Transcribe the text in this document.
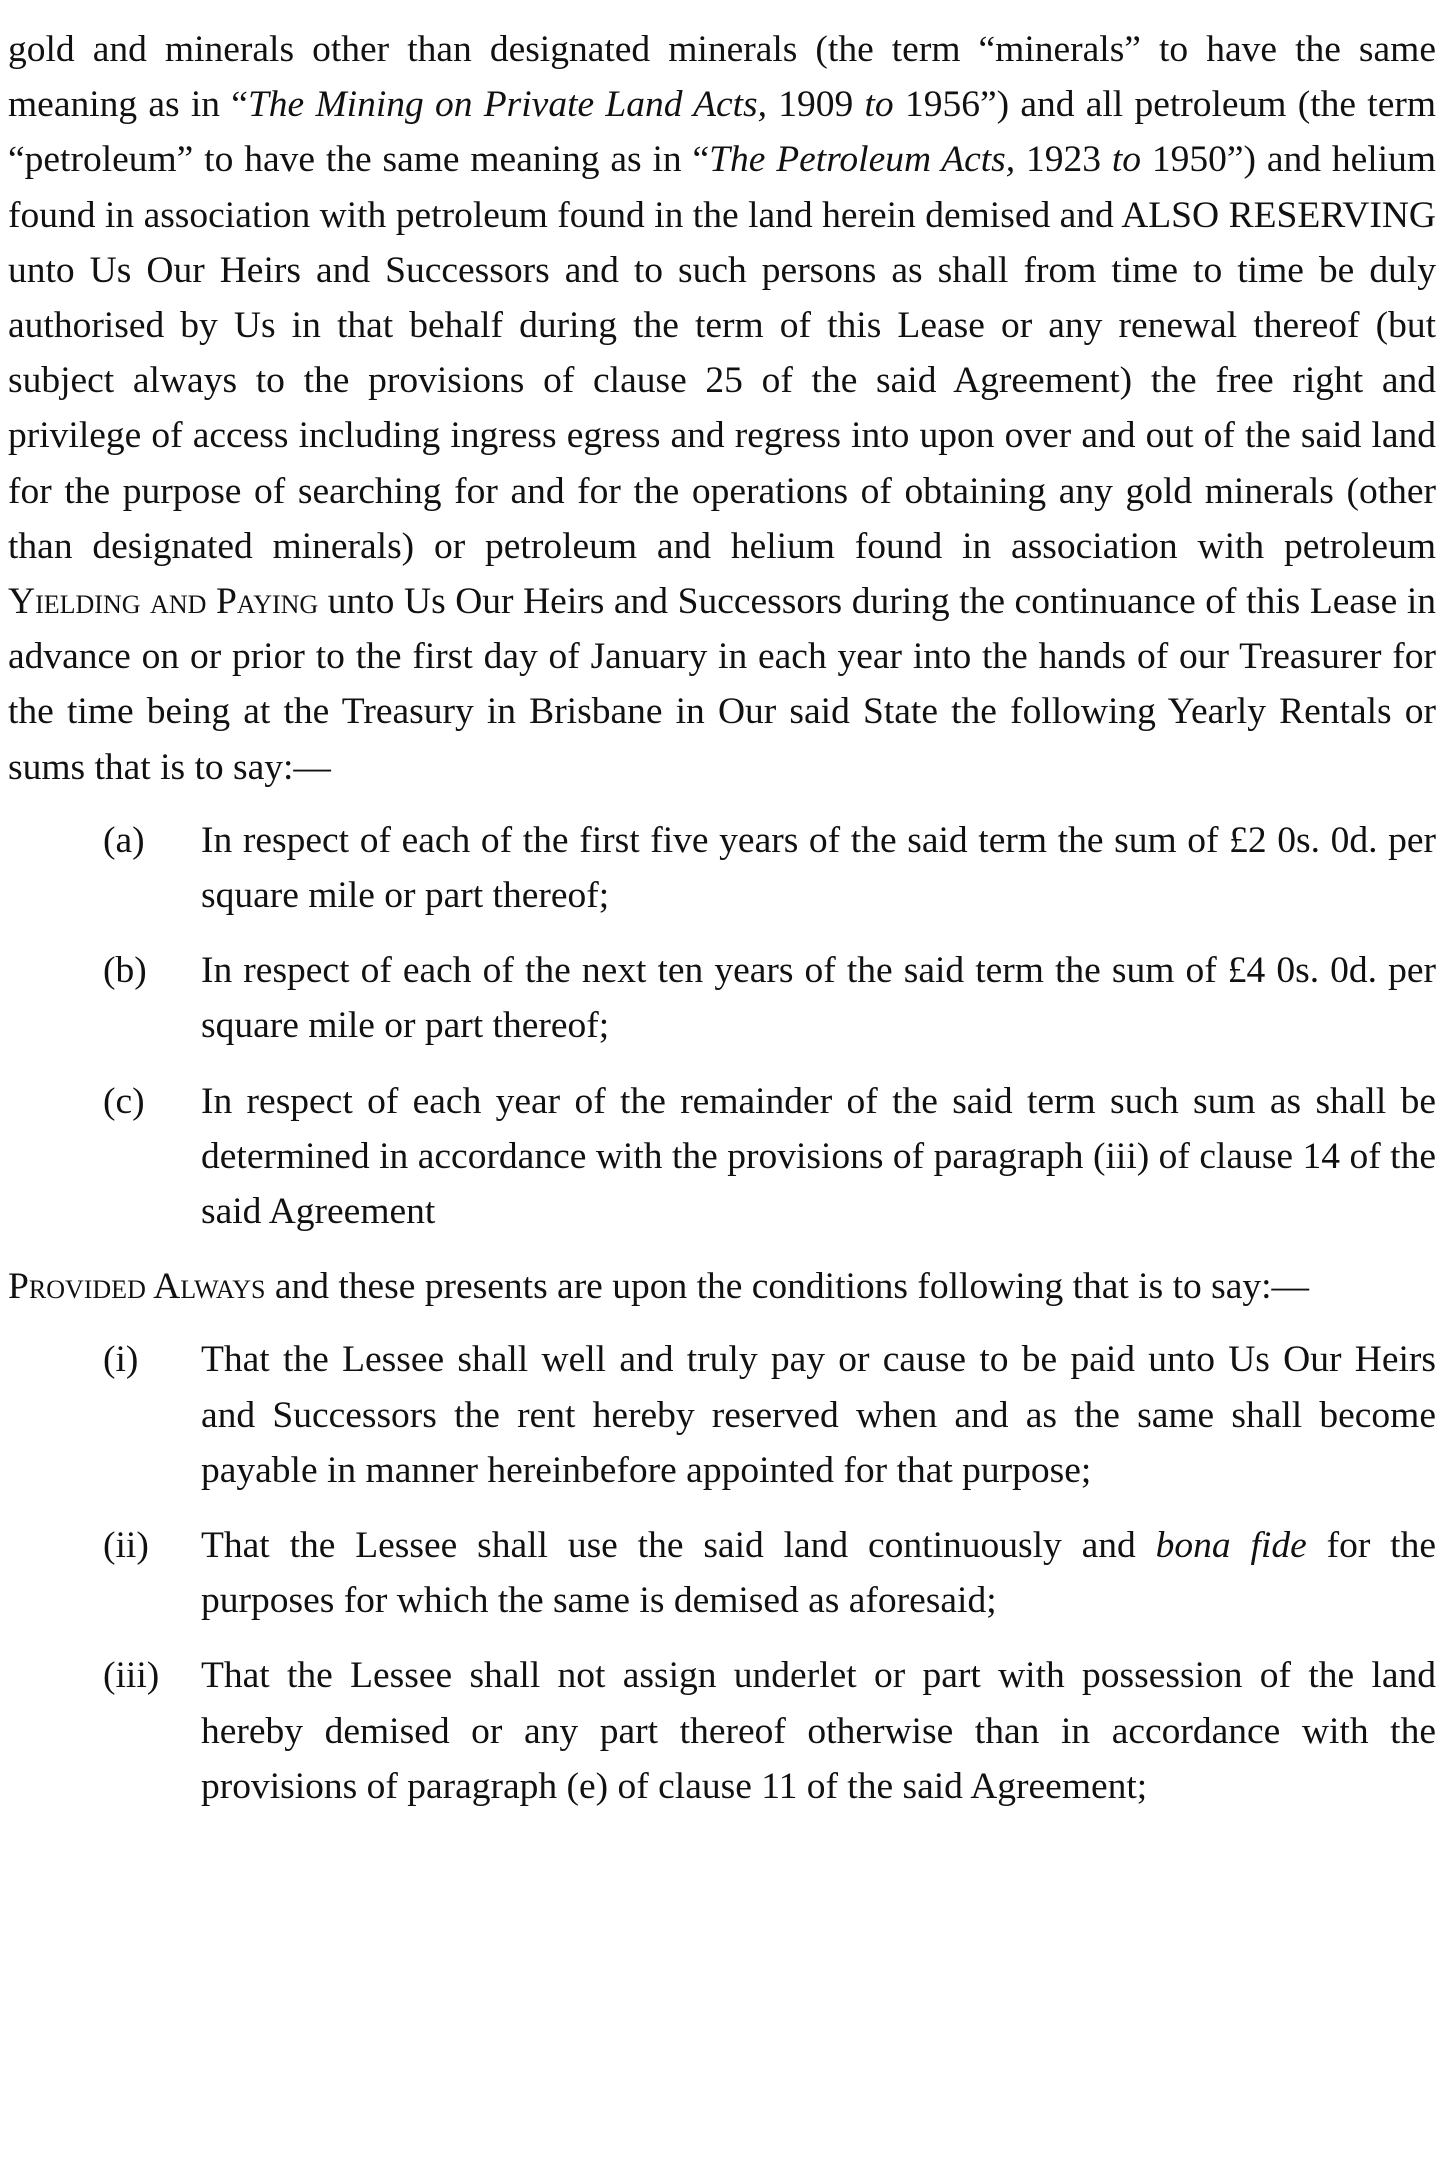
gold and minerals other than designated minerals (the term “minerals” to have the same meaning as in “The Mining on Private Land Acts, 1909 to 1956”) and all petroleum (the term “petroleum” to have the same meaning as in “The Petroleum Acts, 1923 to 1950”) and helium found in association with petroleum found in the land herein demised and ALSO RESERVING unto Us Our Heirs and Successors and to such persons as shall from time to time be duly authorised by Us in that behalf during the term of this Lease or any renewal thereof (but subject always to the provisions of clause 25 of the said Agreement) the free right and privilege of access including ingress egress and regress into upon over and out of the said land for the purpose of searching for and for the operations of obtaining any gold minerals (other than designated minerals) or petroleum and helium found in association with petroleum Yielding and Paying unto Us Our Heirs and Successors during the continuance of this Lease in advance on or prior to the first day of January in each year into the hands of our Treasurer for the time being at the Treasury in Brisbane in Our said State the following Yearly Rentals or sums that is to say:—

(a) In respect of each of the first five years of the said term the sum of £2 0s. 0d. per square mile or part thereof;
(b) In respect of each of the next ten years of the said term the sum of £4 0s. 0d. per square mile or part thereof;
(c) In respect of each year of the remainder of the said term such sum as shall be determined in accordance with the provisions of paragraph (iii) of clause 14 of the said Agreement

Provided Always and these presents are upon the conditions following that is to say:—

(i) That the Lessee shall well and truly pay or cause to be paid unto Us Our Heirs and Successors the rent hereby reserved when and as the same shall become payable in manner hereinbefore appointed for that purpose;
(ii) That the Lessee shall use the said land continuously and bona fide for the purposes for which the same is demised as aforesaid;
(iii) That the Lessee shall not assign underlet or part with possession of the land hereby demised or any part thereof otherwise than in accordance with the provisions of paragraph (e) of clause 11 of the said Agreement;
